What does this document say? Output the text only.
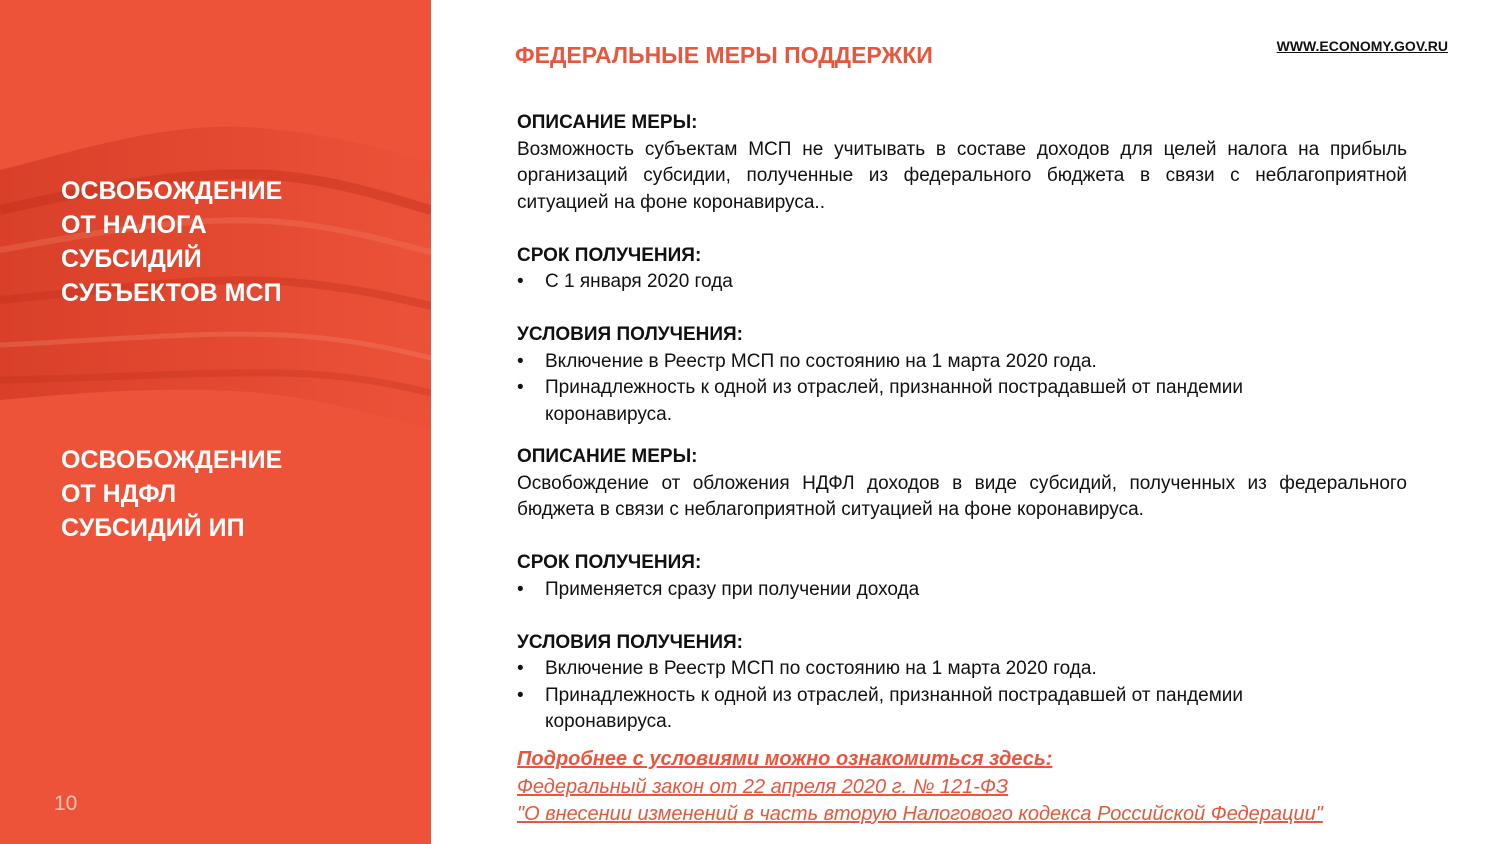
ОСВОБОЖДЕНИЕ
ОТ НАЛОГА
СУБСИДИЙ
СУБЪЕКТОВ МСП

ОСВОБОЖДЕНИЕ
ОТ НДФЛ
СУБСИДИЙ ИП

10
ФЕДЕРАЛЬНЫЕ МЕРЫ ПОДДЕРЖКИ	WWW.ECONOMY.GOV.RU

ОПИСАНИЕ МЕРЫ:

Возможность субъектам МСП не учитывать в составе доходов для целей налога на прибыль организаций субсидии, полученные из федерального бюджета в связи с неблагоприятной ситуацией на фоне коронавируса..

СРОК ПОЛУЧЕНИЯ:

• С 1 января 2020 года

УСЛОВИЯ ПОЛУЧЕНИЯ:

• Включение в Реестр МСП по состоянию на 1 марта 2020 года.
• Принадлежность к одной из отраслей, признанной пострадавшей от пандемии коронавируса.

ОПИСАНИЕ МЕРЫ:

Освобождение от обложения НДФЛ доходов в виде субсидий, полученных из федерального бюджета в связи с неблагоприятной ситуацией на фоне коронавируса.

СРОК ПОЛУЧЕНИЯ:

• Применяется сразу при получении дохода

УСЛОВИЯ ПОЛУЧЕНИЯ:

• Включение в Реестр МСП по состоянию на 1 марта 2020 года.
• Принадлежность к одной из отраслей, признанной пострадавшей от пандемии коронавируса.
Подробнее с условиями можно ознакомиться здесь:
Федеральный закон от 22 апреля 2020 г. № 121-ФЗ
"О внесении изменений в часть вторую Налогового кодекса Российской Федерации"
